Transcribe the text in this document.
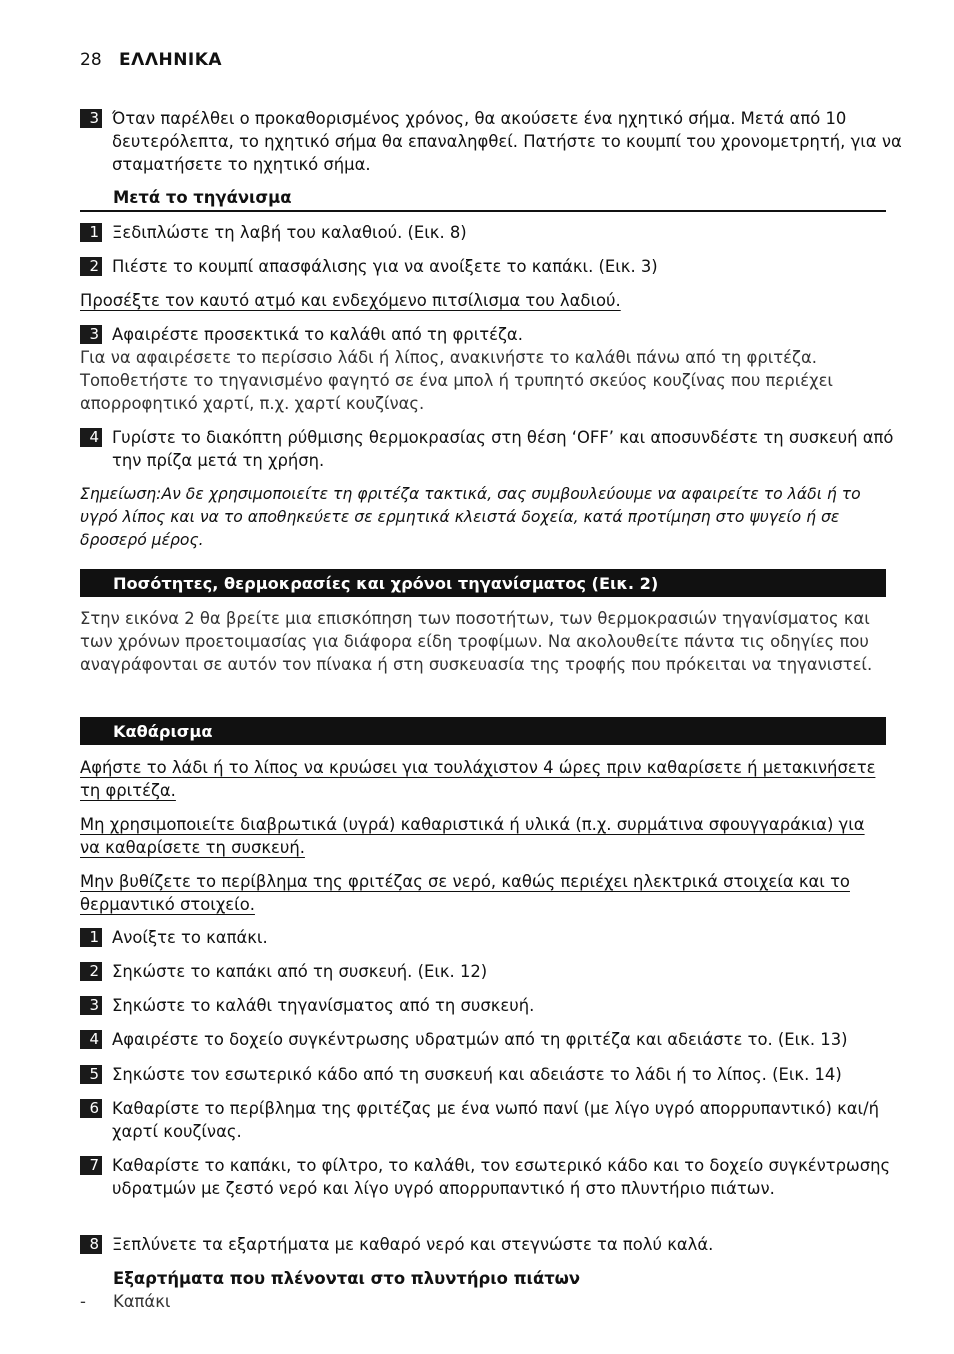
28 ΕΛΛΗΝΙΚΑ
3 Όταν παρέλθει ο προκαθορισμένος χρόνος, θα ακούσετε ένα ηχητικό σήμα. Μετά από 10 δευτερόλεπτα, το ηχητικό σήμα θα επαναληφθεί. Πατήστε το κουμπί του χρονομετρητή, για να σταματήσετε το ηχητικό σήμα.
Μετά το τηγάνισμα
1 Ξεδιπλώστε τη λαβή του καλαθιού. (Εικ. 8)
2 Πιέστε το κουμπί απασφάλισης για να ανοίξετε το καπάκι. (Εικ. 3)
Προσέξτε τον καυτό ατμό και ενδεχόμενο πιτσίλισμα του λαδιού.
3 Αφαιρέστε προσεκτικά το καλάθι από τη φριτέζα.
Για να αφαιρέσετε το περίσσιο λάδι ή λίπος, ανακινήστε το καλάθι πάνω από τη φριτέζα. Τοποθετήστε το τηγανισμένο φαγητό σε ένα μπολ ή τρυπητό σκεύος κουζίνας που περιέχει απορροφητικό χαρτί, π.χ. χαρτί κουζίνας.
4 Γυρίστε το διακόπτη ρύθμισης θερμοκρασίας στη θέση ‘OFF’ και αποσυνδέστε τη συσκευή από την πρίζα μετά τη χρήση.
Σημείωση:Αν δε χρησιμοποιείτε τη φριτέζα τακτικά, σας συμβουλεύουμε να αφαιρείτε το λάδι ή το υγρό λίπος και να το αποθηκεύετε σε ερμητικά κλειστά δοχεία, κατά προτίμηση στο ψυγείο ή σε δροσερό μέρος.
Ποσότητες, θερμοκρασίες και χρόνοι τηγανίσματος (Εικ. 2)
Στην εικόνα 2 θα βρείτε μια επισκόπηση των ποσοτήτων, των θερμοκρασιών τηγανίσματος και των χρόνων προετοιμασίας για διάφορα είδη τροφίμων. Να ακολουθείτε πάντα τις οδηγίες που αναγράφονται σε αυτόν τον πίνακα ή στη συσκευασία της τροφής που πρόκειται να τηγανιστεί.
Καθάρισμα
Αφήστε το λάδι ή το λίπος να κρυώσει για τουλάχιστον 4 ώρες πριν καθαρίσετε ή μετακινήσετε τη φριτέζα.
Μη χρησιμοποιείτε διαβρωτικά (υγρά) καθαριστικά ή υλικά (π.χ. συρμάτινα σφουγγαράκια) για να καθαρίσετε τη συσκευή.
Μην βυθίζετε το περίβλημα της φριτέζας σε νερό, καθώς περιέχει ηλεκτρικά στοιχεία και το θερμαντικό στοιχείο.
1 Ανοίξτε το καπάκι.
2 Σηκώστε το καπάκι από τη συσκευή. (Εικ. 12)
3 Σηκώστε το καλάθι τηγανίσματος από τη συσκευή.
4 Αφαιρέστε το δοχείο συγκέντρωσης υδρατμών από τη φριτέζα και αδειάστε το. (Εικ. 13)
5 Σηκώστε τον εσωτερικό κάδο από τη συσκευή και αδειάστε το λάδι ή το λίπος. (Εικ. 14)
6 Καθαρίστε το περίβλημα της φριτέζας με ένα νωπό πανί (με λίγο υγρό απορρυπαντικό) και/ή χαρτί κουζίνας.
7 Καθαρίστε το καπάκι, το φίλτρο, το καλάθι, τον εσωτερικό κάδο και το δοχείο συγκέντρωσης υδρατμών με ζεστό νερό και λίγο υγρό απορρυπαντικό ή στο πλυντήριο πιάτων.
8 Ξεπλύνετε τα εξαρτήματα με καθαρό νερό και στεγνώστε τα πολύ καλά.
Εξαρτήματα που πλένονται στο πλυντήριο πιάτων
- Καπάκι
